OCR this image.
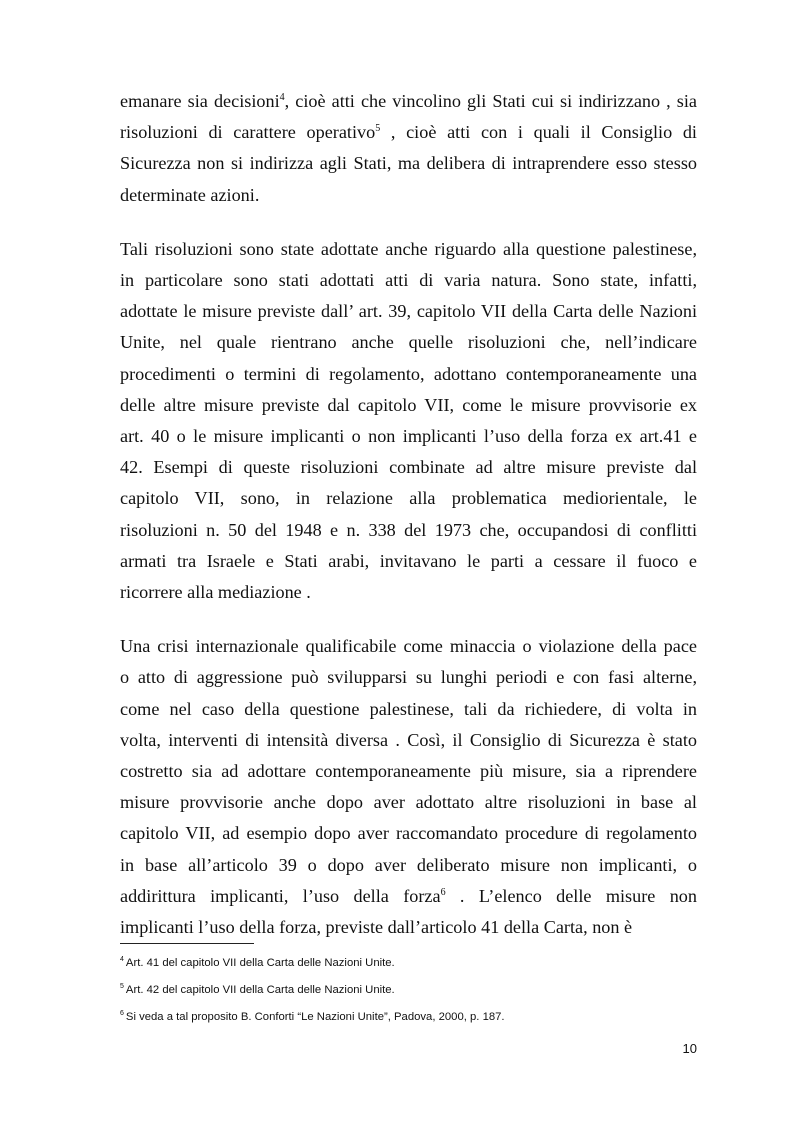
emanare sia decisioni$^4$, cioè atti che vincolino gli Stati cui si indirizzano , sia
risoluzioni di carattere operativo$^5$ , cioè atti con i quali il Consiglio di
Sicurezza non si indirizza agli Stati, ma delibera di intraprendere esso stesso
determinate azioni.
Tali risoluzioni sono state adottate anche riguardo alla questione palestinese,
in particolare sono stati adottati atti di varia natura. Sono state, infatti,
adottate le misure previste dall’ art. 39, capitolo VII della Carta delle Nazioni
Unite, nel quale rientrano anche quelle risoluzioni che, nell’indicare
procedimenti o termini di regolamento, adottano contemporaneamente una
delle altre misure previste dal capitolo VII, come le misure provvisorie ex
art. 40 o le misure implicanti o non implicanti l’uso della forza ex art.41 e
42. Esempi di queste risoluzioni combinate ad altre misure previste dal
capitolo VII, sono, in relazione alla problematica mediorientale, le
risoluzioni n. 50 del 1948 e n. 338 del 1973 che, occupandosi di conflitti
armati tra Israele e Stati arabi, invitavano le parti a cessare il fuoco e
ricorrere alla mediazione .
Una crisi internazionale qualificabile come minaccia o violazione della pace
o atto di aggressione può svilupparsi su lunghi periodi e con fasi alterne,
come nel caso della questione palestinese, tali da richiedere, di volta in
volta, interventi di intensità diversa . Così, il Consiglio di Sicurezza è stato
costretto sia ad adottare contemporaneamente più misure, sia a riprendere
misure provvisorie anche dopo aver adottato altre risoluzioni in base al
capitolo VII, ad esempio dopo aver raccomandato procedure di regolamento
in base all’articolo 39 o dopo aver deliberato misure non implicanti, o
addirittura implicanti, l’uso della forza$^6$ . L’elenco delle misure non
implicanti l’uso della forza, previste dall’articolo 41 della Carta, non è
$^4$ Art. 41 del capitolo VII della Carta delle Nazioni Unite.
$^5$ Art. 42 del capitolo VII della Carta delle Nazioni Unite.
$^6$ Si veda a tal proposito B. Conforti “Le Nazioni Unite”, Padova, 2000, p. 187.
10
